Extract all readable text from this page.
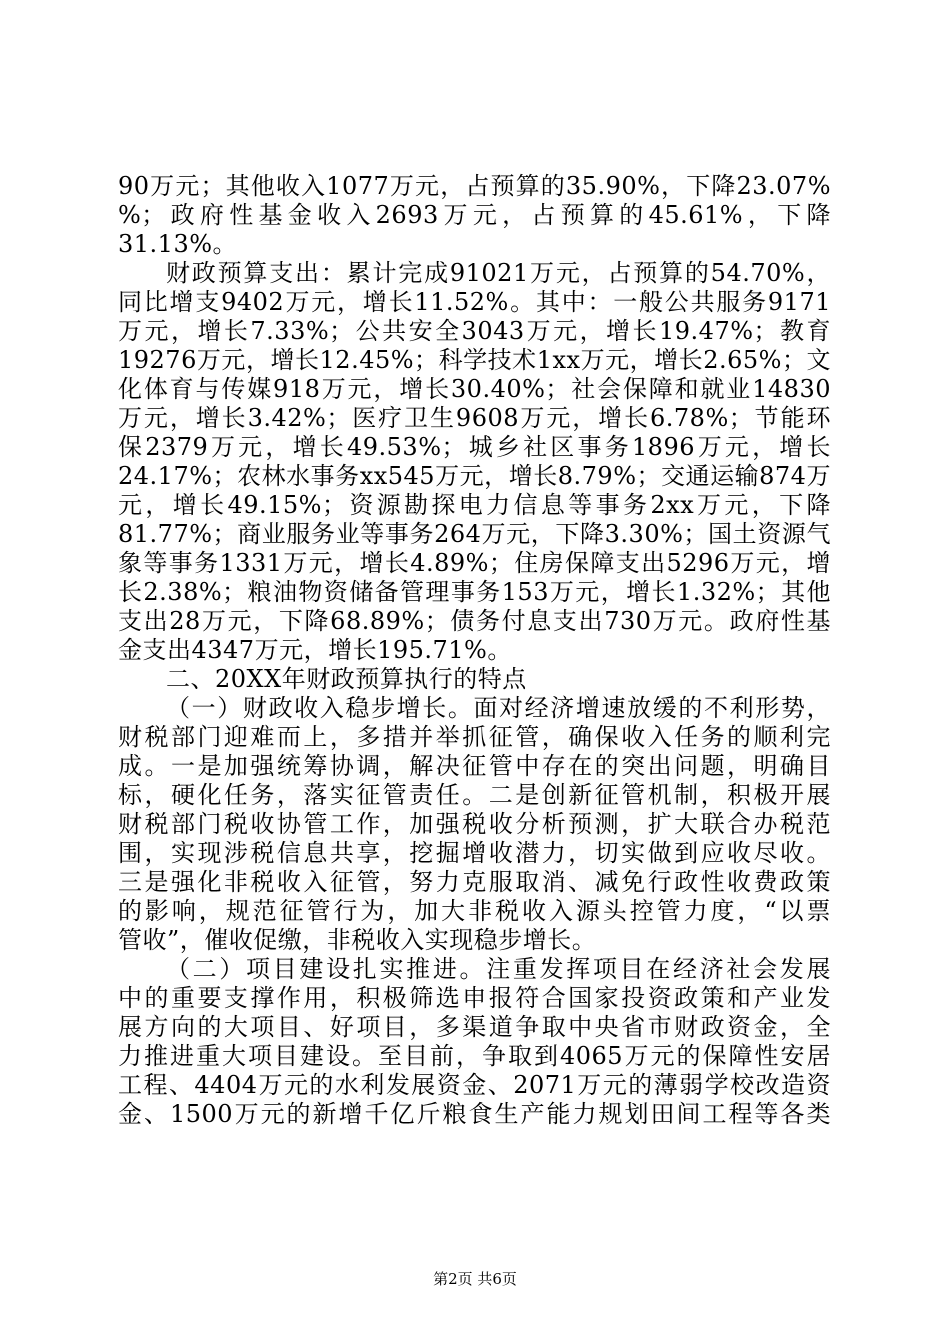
90万元；其他收入1077万元，占预算的35.90%，下降23.07%
%；政府性基金收入2693万元，占预算的45.61%，下降
31.13%。
财政预算支出：累计完成91021万元，占预算的54.70%，
同比增支9402万元，增长11.52%。其中：一般公共服务9171
万元，增长7.33%；公共安全3043万元，增长19.47%；教育
19276万元，增长12.45%；科学技术1xx万元，增长2.65%；文
化体育与传媒918万元，增长30.40%；社会保障和就业14830
万元，增长3.42%；医疗卫生9608万元，增长6.78%；节能环
保2379万元，增长49.53%；城乡社区事务1896万元，增长
24.17%；农林水事务xx545万元，增长8.79%；交通运输874万
元，增长49.15%；资源勘探电力信息等事务2xx万元，下降
81.77%；商业服务业等事务264万元，下降3.30%；国土资源气
象等事务1331万元，增长4.89%；住房保障支出5296万元，增
长2.38%；粮油物资储备管理事务153万元，增长1.32%；其他
支出28万元，下降68.89%；债务付息支出730万元。政府性基
金支出4347万元，增长195.71%。
二、20XX年财政预算执行的特点
（一）财政收入稳步增长。面对经济增速放缓的不利形势，
财税部门迎难而上，多措并举抓征管，确保收入任务的顺利完
成。一是加强统筹协调，解决征管中存在的突出问题，明确目
标，硬化任务，落实征管责任。二是创新征管机制，积极开展
财税部门税收协管工作，加强税收分析预测，扩大联合办税范
围，实现涉税信息共享，挖掘增收潜力，切实做到应收尽收。
三是强化非税收入征管，努力克服取消、减免行政性收费政策
的影响，规范征管行为，加大非税收入源头控管力度，“以票
管收”，催收促缴，非税收入实现稳步增长。
（二）项目建设扎实推进。注重发挥项目在经济社会发展
中的重要支撑作用，积极筛选申报符合国家投资政策和产业发
展方向的大项目、好项目，多渠道争取中央省市财政资金，全
力推进重大项目建设。至目前，争取到4065万元的保障性安居
工程、4404万元的水利发展资金、2071万元的薄弱学校改造资
金、1500万元的新增千亿斤粮食生产能力规划田间工程等各类
第2页 共6页
